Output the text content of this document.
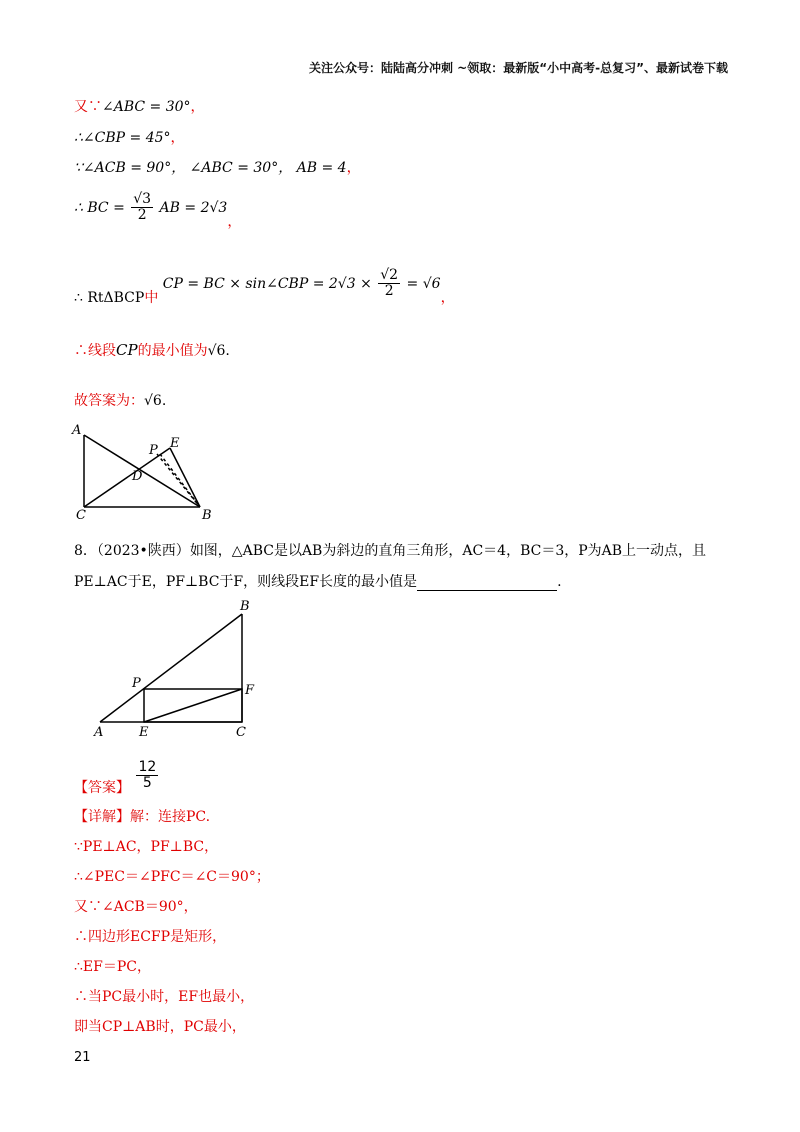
关注公众号：陆陆高分冲刺 ~领取：最新版“小中高考-总复习”、最新试卷下载
又∵∠ABC = 30°，
∴∠CBP = 45°，
∵∠ACB = 90°， ∠ABC = 30°， AB = 4，
∴ BC = $\frac{√3}{2}$ AB = 2√3，
∴ RtΔBCP中 CP = BC × sin∠CBP = $2√3 \times \frac{√2}{2} = √6$，
∴线段CP的最小值为√6.
故答案为：√6.
A
B
C
D
P E
8．（2023•陕西）如图，△ABC是以AB为斜边的直角三角形，AC＝4，BC＝3，P为AB上一动点，且
PE⊥AC于E，PF⊥BC于F，则线段EF长度的最小值是	.
A
B
C
E
F
P
【答案】 $\frac{12}{5}$
【详解】解：连接PC.
∵PE⊥AC，PF⊥BC，
∴∠PEC＝∠PFC＝∠C＝90°；
又∵∠ACB＝90°，
∴四边形ECFP是矩形，
∴EF＝PC，
∴当PC最小时，EF也最小，
即当CP⊥AB时，PC最小，
21
